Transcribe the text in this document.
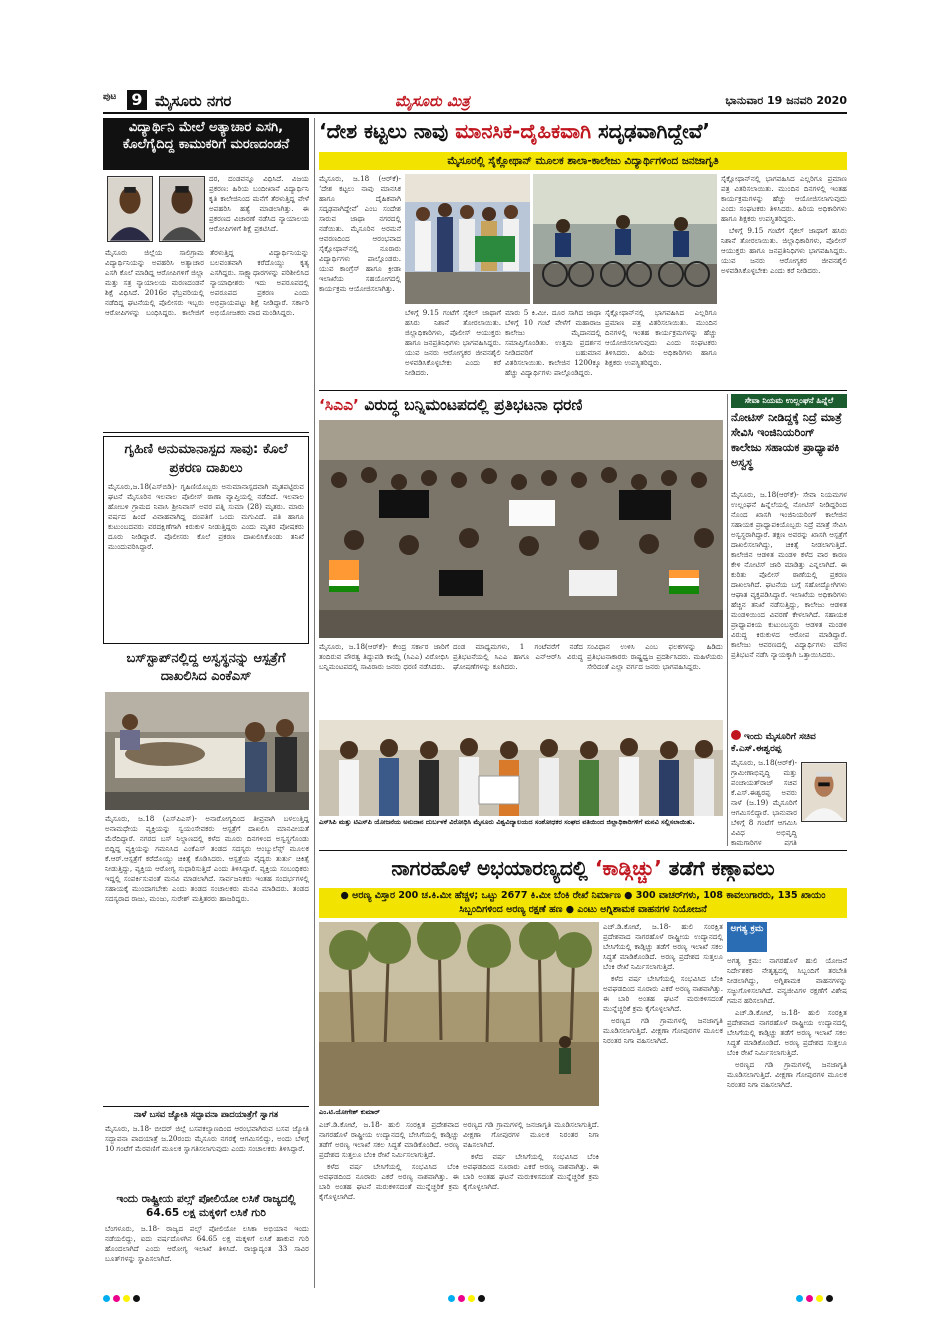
ಪುಟ 9 ಮೈಸೂರು ನಗರ	ಮೈಸೂರು ಮಿತ್ರ	ಭಾನುವಾರ 19 ಜನವರಿ 2020
ವಿದ್ಯಾರ್ಥಿನಿ ಮೇಲೆ ಅತ್ಯಾಚಾರ ಎಸಗಿ, ಕೊಲೆಗೈದಿದ್ದ ಕಾಮುಕರಿಗೆ ಮರಣದಂಡನೆ

ದರ, ದಂಡವನ್ನೂ ವಿಧಿಸಿದೆ. ವಿಜಯ ಪ್ರಕರಣ: ಹಿರಿಯ ಬಂದೀಖಾನೆ ವಿದ್ಯಾರ್ಥಿನಿ ಕೃತಿ ಕಾಲೇಜಿನಿಂದ ಮನೆಗೆ ತೆರಳುತ್ತಿದ್ದ ವೇಳೆ ಅಪಹರಿಸಿ ಹತ್ಯೆ ಮಾಡಲಾಗಿತ್ತು. ಈ ಪ್ರಕರಣದ ವಿಚಾರಣೆ ನಡೆಸಿದ ನ್ಯಾಯಾಲಯ ಆರೋಪಿಗಳಿಗೆ ಶಿಕ್ಷೆ ಪ್ರಕಟಿಸಿದೆ.

ಮೈಸೂರು ಜಿಲ್ಲೆಯ ಸಾಲಿಗ್ರಾಮ ವಿದ್ಯಾರ್ಥಿನಿಯನ್ನು ಅಪಹರಿಸಿ ಅತ್ಯಾಚಾರ ಎಸಗಿ ಕೊಲೆ ಮಾಡಿದ್ದ ಆರೋಪಿಗಳಿಗೆ ಜಿಲ್ಲಾ ಮತ್ತು ಸತ್ರ ನ್ಯಾಯಾಲಯ ಮರಣದಂಡನೆ ಶಿಕ್ಷೆ ವಿಧಿಸಿದೆ. 2016ರ ಫೆಬ್ರವರಿಯಲ್ಲಿ ನಡೆದಿದ್ದ ಘಟನೆಯಲ್ಲಿ ಪೊಲೀಸರು ಇಬ್ಬರು ಆರೋಪಿಗಳನ್ನು ಬಂಧಿಸಿದ್ದರು. ಕಾಲೇಜಿಗೆ ತೆರಳುತ್ತಿದ್ದ ವಿದ್ಯಾರ್ಥಿನಿಯನ್ನು ಬಲವಂತವಾಗಿ ಕರೆದೊಯ್ದು ಕೃತ್ಯ ಎಸಗಿದ್ದರು. ಸಾಕ್ಷ್ಯಾಧಾರಗಳನ್ನು ಪರಿಶೀಲಿಸಿದ ನ್ಯಾಯಾಧೀಶರು ಇದು ಅಪರೂಪದಲ್ಲಿ ಅಪರೂಪದ ಪ್ರಕರಣ ಎಂದು ಅಭಿಪ್ರಾಯಪಟ್ಟು ಶಿಕ್ಷೆ ನೀಡಿದ್ದಾರೆ. ಸರ್ಕಾರಿ ಅಭಿಯೋಜಕರು ವಾದ ಮಂಡಿಸಿದ್ದರು.

ಗೃಹಿಣಿ ಅನುಮಾನಾಸ್ಪದ ಸಾವು: ಕೊಲೆ ಪ್ರಕರಣ ದಾಖಲು

ಮೈಸೂರು,ಜ.18(ಎಸ್‌ಬಿಡಿ)- ಗೃಹಿಣಿಯೊಬ್ಬರು ಅನುಮಾನಾಸ್ಪದವಾಗಿ ಮೃತಪಟ್ಟಿರುವ ಘಟನೆ ಮೈಸೂರಿನ ಇಲವಾಲ ಪೊಲೀಸ್ ಠಾಣಾ ವ್ಯಾಪ್ತಿಯಲ್ಲಿ ನಡೆದಿದೆ. ಇಲವಾಲ ಹೋಬಳಿ ಗ್ರಾಮದ ನಿವಾಸಿ ಶ್ರೀನಿವಾಸ್ ಅವರ ಪತ್ನಿ ಸುಮಾ (28) ಮೃತರು. ಮಾರು ವರ್ಷದ ಹಿಂದೆ ವಿವಾಹವಾಗಿದ್ದ ದಂಪತಿಗೆ ಒಂದು ಮಗುವಿದೆ. ಪತಿ ಹಾಗೂ ಕುಟುಂಬದವರು ವರದಕ್ಷಿಣೆಗಾಗಿ ಕಿರುಕುಳ ನೀಡುತ್ತಿದ್ದರು ಎಂದು ಮೃತರ ಪೋಷಕರು ದೂರು ನೀಡಿದ್ದಾರೆ. ಪೊಲೀಸರು ಕೊಲೆ ಪ್ರಕರಣ ದಾಖಲಿಸಿಕೊಂಡು ತನಿಖೆ ಮುಂದುವರಿಸಿದ್ದಾರೆ.

ಬಸ್‌ಸ್ಟಾಪ್‌ನಲ್ಲಿದ್ದ ಅಸ್ವಸ್ಥನನ್ನು ಆಸ್ಪತ್ರೆಗೆ ದಾಖಲಿಸಿದ ಎಂಕೆಎಸ್

ಮೈಸೂರು, ಜ.18 (ಎಸ್‌ಪಿಎಸ್)- ಅನಾರೋಗ್ಯದಿಂದ ತೀವ್ರವಾಗಿ ಬಳಲುತ್ತಿದ್ದ ಅನಾಮಧೇಯ ವ್ಯಕ್ತಿಯನ್ನು ಸ್ವಯಂಸೇವಕರು ಆಸ್ಪತ್ರೆಗೆ ದಾಖಲಿಸಿ ಮಾನವೀಯತೆ ಮೆರೆದಿದ್ದಾರೆ. ನಗರದ ಬಸ್ ನಿಲ್ದಾಣದಲ್ಲಿ ಕಳೆದ ಮೂರು ದಿನಗಳಿಂದ ಅಸ್ವಸ್ಥಗೊಂಡು ಬಿದ್ದಿದ್ದ ವ್ಯಕ್ತಿಯನ್ನು ಗಮನಿಸಿದ ಎಂಕೆಎಸ್ ತಂಡದ ಸದಸ್ಯರು ಆಂಬ್ಯುಲೆನ್ಸ್ ಮೂಲಕ ಕೆ.ಆರ್.ಆಸ್ಪತ್ರೆಗೆ ಕರೆದೊಯ್ದು ಚಿಕಿತ್ಸೆ ಕೊಡಿಸಿದರು. ಆಸ್ಪತ್ರೆಯ ವೈದ್ಯರು ತುರ್ತು ಚಿಕಿತ್ಸೆ ನೀಡುತ್ತಿದ್ದು, ವ್ಯಕ್ತಿಯ ಆರೋಗ್ಯ ಸುಧಾರಿಸುತ್ತಿದೆ ಎಂದು ತಿಳಿಸಿದ್ದಾರೆ. ವ್ಯಕ್ತಿಯ ಸಂಬಂಧಿಕರು ಇದ್ದಲ್ಲಿ ಸಂಪರ್ಕಿಸುವಂತೆ ಮನವಿ ಮಾಡಲಾಗಿದೆ. ಸಾರ್ವಜನಿಕರು ಇಂತಹ ಸಂದರ್ಭಗಳಲ್ಲಿ ಸಹಾಯಕ್ಕೆ ಮುಂದಾಗಬೇಕು ಎಂದು ತಂಡದ ಸಂಚಾಲಕರು ಮನವಿ ಮಾಡಿದರು. ತಂಡದ ಸದಸ್ಯರಾದ ರಾಜು, ಮಂಜು, ಸುರೇಶ್ ಮತ್ತಿತರರು ಹಾಜರಿದ್ದರು.

ನಾಳೆ ಬಸವ ಜ್ಯೋತಿ ಸದ್ಭಾವನಾ ಪಾದಯಾತ್ರೆಗೆ ಸ್ವಾಗತ

ಮೈಸೂರು, ಜ.18- ಬೀದರ್ ಜಿಲ್ಲೆ ಬಸವಕಲ್ಯಾಣದಿಂದ ಆರಂಭವಾಗಿರುವ ಬಸವ ಜ್ಯೋತಿ ಸದ್ಭಾವನಾ ಪಾದಯಾತ್ರೆ ಜ.20ರಂದು ಮೈಸೂರು ನಗರಕ್ಕೆ ಆಗಮಿಸಲಿದ್ದು, ಅಂದು ಬೆಳಿಗ್ಗೆ 10 ಗಂಟೆಗೆ ಮೆರವಣಿಗೆ ಮೂಲಕ ಸ್ವಾಗತಿಸಲಾಗುವುದು ಎಂದು ಸಂಚಾಲಕರು ತಿಳಿಸಿದ್ದಾರೆ.

ಇಂದು ರಾಷ್ಟ್ರೀಯ ಪಲ್ಸ್ ಪೋಲಿಯೋ ಲಸಿಕೆ ರಾಜ್ಯದಲ್ಲಿ 64.65 ಲಕ್ಷ ಮಕ್ಕಳಿಗೆ ಲಸಿಕೆ ಗುರಿ

ಬೆಂಗಳೂರು, ಜ.18- ರಾಜ್ಯದ ಪಲ್ಸ್ ಪೋಲಿಯೋ ಲಸಿಕಾ ಅಭಿಯಾನ ಇಂದು ನಡೆಯಲಿದ್ದು, ಐದು ವರ್ಷದೊಳಗಿನ 64.65 ಲಕ್ಷ ಮಕ್ಕಳಿಗೆ ಲಸಿಕೆ ಹಾಕುವ ಗುರಿ ಹೊಂದಲಾಗಿದೆ ಎಂದು ಆರೋಗ್ಯ ಇಲಾಖೆ ತಿಳಿಸಿದೆ. ರಾಜ್ಯಾದ್ಯಂತ 33 ಸಾವಿರ ಬೂತ್‌ಗಳನ್ನು ಸ್ಥಾಪಿಸಲಾಗಿದೆ.

‘ದೇಶ ಕಟ್ಟಲು ನಾವು ಮಾನಸಿಕ-ದೈಹಿಕವಾಗಿ ಸದೃಢವಾಗಿದ್ದೇವೆ’
ಮೈಸೂರಲ್ಲಿ ಸೈಕ್ಲೋಥಾನ್ ಮೂಲಕ ಶಾಲಾ-ಕಾಲೇಜು ವಿದ್ಯಾರ್ಥಿಗಳಿಂದ ಜನಜಾಗೃತಿ

ಮೈಸೂರು, ಜ.18 (ಆರ್‌ಕೆ)- ‘ದೇಶ ಕಟ್ಟಲು ನಾವು ಮಾನಸಿಕ ಹಾಗೂ ದೈಹಿಕವಾಗಿ ಸದೃಢವಾಗಿದ್ದೇವೆ’ ಎಂಬ ಸಂದೇಶ ಸಾರುವ ಜಾಥಾ ನಗರದಲ್ಲಿ ನಡೆಯಿತು. ಮೈಸೂರಿನ ಅರಮನೆ ಆವರಣದಿಂದ ಆರಂಭವಾದ ಸೈಕ್ಲೋಥಾನ್‌ನಲ್ಲಿ ನೂರಾರು ವಿದ್ಯಾರ್ಥಿಗಳು ಪಾಲ್ಗೊಂಡರು. ಯುವ ಕಾಂಗ್ರೆಸ್ ಹಾಗೂ ಕ್ರೀಡಾ ಇಲಾಖೆಯ ಸಹಯೋಗದಲ್ಲಿ ಕಾರ್ಯಕ್ರಮ ಆಯೋಜಿಸಲಾಗಿತ್ತು.

ಬೆಳಿಗ್ಗೆ 9.15 ಗಂಟೆಗೆ ಸೈಕಲ್ ಜಾಥಾಗೆ ಹಸಿರು ನಿಶಾನೆ ತೋರಲಾಯಿತು. ಜಿಲ್ಲಾಧಿಕಾರಿಗಳು, ಪೊಲೀಸ್ ಆಯುಕ್ತರು ಹಾಗೂ ಜನಪ್ರತಿನಿಧಿಗಳು ಭಾಗವಹಿಸಿದ್ದರು. ಯುವ ಜನರು ಆರೋಗ್ಯಕರ ಜೀವನಶೈಲಿ ಅಳವಡಿಸಿಕೊಳ್ಳಬೇಕು ಎಂದು ಕರೆ ನೀಡಿದರು.

ಮಾರು 5 ಕಿ.ಮೀ. ದೂರ ಸಾಗಿದ ಜಾಥಾ ಬೆಳಿಗ್ಗೆ 10 ಗಂಟೆ ವೇಳೆಗೆ ಮಹಾರಾಜ ಕಾಲೇಜು ಮೈದಾನದಲ್ಲಿ ಸಮಾಪ್ತಿಗೊಂಡಿತು. ಉತ್ತಮ ಪ್ರದರ್ಶನ ನೀಡಿದವರಿಗೆ ಬಹುಮಾನ ವಿತರಿಸಲಾಯಿತು. ಕಾಲೇಜಿನ 1200ಕ್ಕೂ ಹೆಚ್ಚು ವಿದ್ಯಾರ್ಥಿಗಳು ಪಾಲ್ಗೊಂಡಿದ್ದರು.

ಸೈಕ್ಲೋಥಾನ್‌ನಲ್ಲಿ ಭಾಗವಹಿಸಿದ ಎಲ್ಲರಿಗೂ ಪ್ರಮಾಣ ಪತ್ರ ವಿತರಿಸಲಾಯಿತು. ಮುಂದಿನ ದಿನಗಳಲ್ಲಿ ಇಂತಹ ಕಾರ್ಯಕ್ರಮಗಳನ್ನು ಹೆಚ್ಚು ಆಯೋಜಿಸಲಾಗುವುದು ಎಂದು ಸಂಘಟಕರು ತಿಳಿಸಿದರು. ಹಿರಿಯ ಅಧಿಕಾರಿಗಳು ಹಾಗೂ ಶಿಕ್ಷಕರು ಉಪಸ್ಥಿತರಿದ್ದರು.

ಸೈಕ್ಲೋಥಾನ್‌ನಲ್ಲಿ ಭಾಗವಹಿಸಿದ ಎಲ್ಲರಿಗೂ ಪ್ರಮಾಣ ಪತ್ರ ವಿತರಿಸಲಾಯಿತು. ಮುಂದಿನ ದಿನಗಳಲ್ಲಿ ಇಂತಹ ಕಾರ್ಯಕ್ರಮಗಳನ್ನು ಹೆಚ್ಚು ಆಯೋಜಿಸಲಾಗುವುದು ಎಂದು ಸಂಘಟಕರು ತಿಳಿಸಿದರು. ಹಿರಿಯ ಅಧಿಕಾರಿಗಳು ಹಾಗೂ ಶಿಕ್ಷಕರು ಉಪಸ್ಥಿತರಿದ್ದರು.

ಬೆಳಿಗ್ಗೆ 9.15 ಗಂಟೆಗೆ ಸೈಕಲ್ ಜಾಥಾಗೆ ಹಸಿರು ನಿಶಾನೆ ತೋರಲಾಯಿತು. ಜಿಲ್ಲಾಧಿಕಾರಿಗಳು, ಪೊಲೀಸ್ ಆಯುಕ್ತರು ಹಾಗೂ ಜನಪ್ರತಿನಿಧಿಗಳು ಭಾಗವಹಿಸಿದ್ದರು. ಯುವ ಜನರು ಆರೋಗ್ಯಕರ ಜೀವನಶೈಲಿ ಅಳವಡಿಸಿಕೊಳ್ಳಬೇಕು ಎಂದು ಕರೆ ನೀಡಿದರು.

‘ಸಿಎಎ’ ವಿರುದ್ಧ ಬನ್ನಿಮಂಟಪದಲ್ಲಿ ಪ್ರತಿಭಟನಾ ಧರಣಿ

ಮೈಸೂರು, ಜ.18(ಆರ್‌ಕೆ)- ಕೇಂದ್ರ ಸರ್ಕಾರ ಜಾರಿಗೆ ತಂದಿರುವ ಪೌರತ್ವ ತಿದ್ದುಪಡಿ ಕಾಯ್ದೆ (ಸಿಎಎ) ವಿರೋಧಿಸಿ ಬನ್ನಿಮಂಟಪದಲ್ಲಿ ಸಾವಿರಾರು ಜನರು ಧರಣಿ ನಡೆಸಿದರು.

ದಂಡ ಮಾಧ್ಯಮಗಳು, 1 ಗಂಟೆವರೆಗೆ ನಡೆದ ಪ್ರತಿಭಟನೆಯಲ್ಲಿ ಸಿಎಎ ಹಾಗೂ ಎನ್‌ಆರ್‌ಸಿ ವಿರುದ್ಧ ಘೋಷಣೆಗಳನ್ನು ಕೂಗಿದರು.

ಸಂವಿಧಾನ ಉಳಿಸಿ ಎಂಬ ಫಲಕಗಳನ್ನು ಹಿಡಿದು ಪ್ರತಿಭಟನಾಕಾರರು ರಾಷ್ಟ್ರಧ್ವಜ ಪ್ರದರ್ಶಿಸಿದರು. ಮಹಿಳೆಯರು ಸೇರಿದಂತೆ ಎಲ್ಲಾ ವರ್ಗದ ಜನರು ಭಾಗವಹಿಸಿದ್ದರು.

ಎಸ್‌ಸಿಪಿ ಮತ್ತು ಟಿಎಸ್‌ಪಿ ಯೋಜನೆಯ ಅನುದಾನ ದುರ್ಬಳಕೆ ವಿರೋಧಿಸಿ ಮೈಸೂರು ವಿಶ್ವವಿದ್ಯಾಲಯದ ಸಂಶೋಧಕರ ಸಂಘದ ವತಿಯಿಂದ ಜಿಲ್ಲಾಧಿಕಾರಿಗಳಿಗೆ ಮನವಿ ಸಲ್ಲಿಸಲಾಯಿತು.
ಸೇವಾ ನಿಯಮ ಉಲ್ಲಂಘನೆ ಹಿನ್ನೆಲೆ
ನೋಟಿಸ್ ನೀಡಿದ್ದಕ್ಕೆ ನಿದ್ರೆ ಮಾತ್ರೆ ಸೇವಿಸಿ ಇಂಜಿನಿಯರಿಂಗ್ ಕಾಲೇಜು ಸಹಾಯಕ ಪ್ರಾಧ್ಯಾಪಕಿ ಅಸ್ವಸ್ಥ

ಮೈಸೂರು, ಜ.18(ಆರ್‌ಕೆ)- ಸೇವಾ ನಿಯಮಗಳ ಉಲ್ಲಂಘನೆ ಹಿನ್ನೆಲೆಯಲ್ಲಿ ನೋಟಿಸ್ ನೀಡಿದ್ದರಿಂದ ನೊಂದ ಖಾಸಗಿ ಇಂಜಿನಿಯರಿಂಗ್ ಕಾಲೇಜಿನ ಸಹಾಯಕ ಪ್ರಾಧ್ಯಾಪಕಿಯೊಬ್ಬರು ನಿದ್ರೆ ಮಾತ್ರೆ ಸೇವಿಸಿ ಅಸ್ವಸ್ಥರಾಗಿದ್ದಾರೆ. ತಕ್ಷಣ ಅವರನ್ನು ಖಾಸಗಿ ಆಸ್ಪತ್ರೆಗೆ ದಾಖಲಿಸಲಾಗಿದ್ದು, ಚಿಕಿತ್ಸೆ ನೀಡಲಾಗುತ್ತಿದೆ. ಕಾಲೇಜಿನ ಆಡಳಿತ ಮಂಡಳಿ ಕಳೆದ ವಾರ ಕಾರಣ ಕೇಳಿ ನೋಟಿಸ್ ಜಾರಿ ಮಾಡಿತ್ತು ಎನ್ನಲಾಗಿದೆ. ಈ ಕುರಿತು ಪೊಲೀಸ್ ಠಾಣೆಯಲ್ಲಿ ಪ್ರಕರಣ ದಾಖಲಾಗಿದೆ. ಘಟನೆಯ ಬಗ್ಗೆ ಸಹೋದ್ಯೋಗಿಗಳು ಆಘಾತ ವ್ಯಕ್ತಪಡಿಸಿದ್ದಾರೆ. ಇಲಾಖೆಯ ಅಧಿಕಾರಿಗಳು ಹೆಚ್ಚಿನ ತನಿಖೆ ನಡೆಸುತ್ತಿದ್ದು, ಕಾಲೇಜು ಆಡಳಿತ ಮಂಡಳಿಯಿಂದ ವಿವರಣೆ ಕೇಳಲಾಗಿದೆ. ಸಹಾಯಕ ಪ್ರಾಧ್ಯಾಪಕಿಯ ಕುಟುಂಬಸ್ಥರು ಆಡಳಿತ ಮಂಡಳಿ ವಿರುದ್ಧ ಕಿರುಕುಳದ ಆರೋಪ ಮಾಡಿದ್ದಾರೆ. ಕಾಲೇಜು ಆವರಣದಲ್ಲಿ ವಿದ್ಯಾರ್ಥಿಗಳು ಮೌನ ಪ್ರತಿಭಟನೆ ನಡೆಸಿ ನ್ಯಾಯಕ್ಕಾಗಿ ಒತ್ತಾಯಿಸಿದರು.

ಇಂದು ಮೈಸೂರಿಗೆ ಸಚಿವ ಕೆ.ಎಸ್.ಈಶ್ವರಪ್ಪ

ಮೈಸೂರು, ಜ.18(ಆರ್‌ಕೆ)- ಗ್ರಾಮೀಣಾಭಿವೃದ್ಧಿ ಮತ್ತು ಪಂಚಾಯತ್‌ರಾಜ್ ಸಚಿವ ಕೆ.ಎಸ್.ಈಶ್ವರಪ್ಪ ಅವರು ನಾಳೆ (ಜ.19) ಮೈಸೂರಿಗೆ ಆಗಮಿಸಲಿದ್ದಾರೆ. ಭಾನುವಾರ ಬೆಳಿಗ್ಗೆ 8 ಗಂಟೆಗೆ ಆಗಮಿಸಿ ವಿವಿಧ ಅಭಿವೃದ್ಧಿ ಕಾಮಗಾರಿಗಳ ಪ್ರಗತಿ

ನಾಗರಹೊಳೆ ಅಭಯಾರಣ್ಯದಲ್ಲಿ ‘ಕಾಡ್ಗಿಚ್ಚು’ ತಡೆಗೆ ಕಣ್ಗಾವಲು
● ಅರಣ್ಯ ವಿಸ್ತಾರ 200 ಚ.ಕಿ.ಮೀ ಹೆಚ್ಚಳ; ಒಟ್ಟು 2677 ಕಿ.ಮೀ ಬೆಂಕಿ ರೇಖೆ ನಿರ್ಮಾಣ ● 300 ವಾಚರ್‌ಗಳು, 108 ಕಾವಲುಗಾರರು, 135 ಖಾಯಂ ಸಿಬ್ಬಂದಿಗಳಿಂದ ಅರಣ್ಯ ರಕ್ಷಣೆ ಹಣ ● ಎಂಟು ಅಗ್ನಿಶಾಮಕ ವಾಹನಗಳ ನಿಯೋಜನೆ
ಎಂ.ಟಿ.ಯೋಗೇಶ್ ಕುಮಾರ್

ಎಚ್.ಡಿ.ಕೋಟೆ, ಜ.18- ಹುಲಿ ಸಂರಕ್ಷಿತ ಪ್ರದೇಶವಾದ ನಾಗರಹೊಳೆ ರಾಷ್ಟ್ರೀಯ ಉದ್ಯಾನದಲ್ಲಿ ಬೇಸಿಗೆಯಲ್ಲಿ ಕಾಡ್ಗಿಚ್ಚು ತಡೆಗೆ ಅರಣ್ಯ ಇಲಾಖೆ ಸಕಲ ಸಿದ್ಧತೆ ಮಾಡಿಕೊಂಡಿದೆ. ಅರಣ್ಯ ಪ್ರದೇಶದ ಸುತ್ತಲೂ ಬೆಂಕಿ ರೇಖೆ ನಿರ್ಮಿಸಲಾಗುತ್ತಿದೆ.

ಕಳೆದ ವರ್ಷ ಬೇಸಿಗೆಯಲ್ಲಿ ಸಂಭವಿಸಿದ ಬೆಂಕಿ ಅವಘಡದಿಂದ ನೂರಾರು ಎಕರೆ ಅರಣ್ಯ ನಾಶವಾಗಿತ್ತು. ಈ ಬಾರಿ ಅಂತಹ ಘಟನೆ ಮರುಕಳಿಸದಂತೆ ಮುನ್ನೆಚ್ಚರಿಕೆ ಕ್ರಮ ಕೈಗೊಳ್ಳಲಾಗಿದೆ.

ಅರಣ್ಯದ ಗಡಿ ಗ್ರಾಮಗಳಲ್ಲಿ ಜನಜಾಗೃತಿ ಮೂಡಿಸಲಾಗುತ್ತಿದೆ. ವೀಕ್ಷಣಾ ಗೋಪುರಗಳ ಮೂಲಕ ನಿರಂತರ ನಿಗಾ ವಹಿಸಲಾಗಿದೆ.

ಕಳೆದ ವರ್ಷ ಬೇಸಿಗೆಯಲ್ಲಿ ಸಂಭವಿಸಿದ ಬೆಂಕಿ ಅವಘಡದಿಂದ ನೂರಾರು ಎಕರೆ ಅರಣ್ಯ ನಾಶವಾಗಿತ್ತು. ಈ ಬಾರಿ ಅಂತಹ ಘಟನೆ ಮರುಕಳಿಸದಂತೆ ಮುನ್ನೆಚ್ಚರಿಕೆ ಕ್ರಮ ಕೈಗೊಳ್ಳಲಾಗಿದೆ.

ಎಚ್.ಡಿ.ಕೋಟೆ, ಜ.18- ಹುಲಿ ಸಂರಕ್ಷಿತ ಪ್ರದೇಶವಾದ ನಾಗರಹೊಳೆ ರಾಷ್ಟ್ರೀಯ ಉದ್ಯಾನದಲ್ಲಿ ಬೇಸಿಗೆಯಲ್ಲಿ ಕಾಡ್ಗಿಚ್ಚು ತಡೆಗೆ ಅರಣ್ಯ ಇಲಾಖೆ ಸಕಲ ಸಿದ್ಧತೆ ಮಾಡಿಕೊಂಡಿದೆ. ಅರಣ್ಯ ಪ್ರದೇಶದ ಸುತ್ತಲೂ ಬೆಂಕಿ ರೇಖೆ ನಿರ್ಮಿಸಲಾಗುತ್ತಿದೆ.

ಕಳೆದ ವರ್ಷ ಬೇಸಿಗೆಯಲ್ಲಿ ಸಂಭವಿಸಿದ ಬೆಂಕಿ ಅವಘಡದಿಂದ ನೂರಾರು ಎಕರೆ ಅರಣ್ಯ ನಾಶವಾಗಿತ್ತು. ಈ ಬಾರಿ ಅಂತಹ ಘಟನೆ ಮರುಕಳಿಸದಂತೆ ಮುನ್ನೆಚ್ಚರಿಕೆ ಕ್ರಮ ಕೈಗೊಳ್ಳಲಾಗಿದೆ.

ಅರಣ್ಯದ ಗಡಿ ಗ್ರಾಮಗಳಲ್ಲಿ ಜನಜಾಗೃತಿ ಮೂಡಿಸಲಾಗುತ್ತಿದೆ. ವೀಕ್ಷಣಾ ಗೋಪುರಗಳ ಮೂಲಕ ನಿರಂತರ ನಿಗಾ ವಹಿಸಲಾಗಿದೆ.

ಅಗತ್ಯ ಕ್ರಮ

ಅಗತ್ಯ ಕ್ರಮ: ನಾಗರಹೊಳೆ ಹುಲಿ ಯೋಜನೆ ನಿರ್ದೇಶಕರ ನೇತೃತ್ವದಲ್ಲಿ ಸಿಬ್ಬಂದಿಗೆ ತರಬೇತಿ ನೀಡಲಾಗಿದ್ದು, ಅಗ್ನಿಶಾಮಕ ವಾಹನಗಳನ್ನು ಸಜ್ಜುಗೊಳಿಸಲಾಗಿದೆ. ವನ್ಯಜೀವಿಗಳ ರಕ್ಷಣೆಗೆ ವಿಶೇಷ ಗಮನ ಹರಿಸಲಾಗಿದೆ.

ಎಚ್.ಡಿ.ಕೋಟೆ, ಜ.18- ಹುಲಿ ಸಂರಕ್ಷಿತ ಪ್ರದೇಶವಾದ ನಾಗರಹೊಳೆ ರಾಷ್ಟ್ರೀಯ ಉದ್ಯಾನದಲ್ಲಿ ಬೇಸಿಗೆಯಲ್ಲಿ ಕಾಡ್ಗಿಚ್ಚು ತಡೆಗೆ ಅರಣ್ಯ ಇಲಾಖೆ ಸಕಲ ಸಿದ್ಧತೆ ಮಾಡಿಕೊಂಡಿದೆ. ಅರಣ್ಯ ಪ್ರದೇಶದ ಸುತ್ತಲೂ ಬೆಂಕಿ ರೇಖೆ ನಿರ್ಮಿಸಲಾಗುತ್ತಿದೆ.

ಅರಣ್ಯದ ಗಡಿ ಗ್ರಾಮಗಳಲ್ಲಿ ಜನಜಾಗೃತಿ ಮೂಡಿಸಲಾಗುತ್ತಿದೆ. ವೀಕ್ಷಣಾ ಗೋಪುರಗಳ ಮೂಲಕ ನಿರಂತರ ನಿಗಾ ವಹಿಸಲಾಗಿದೆ.
